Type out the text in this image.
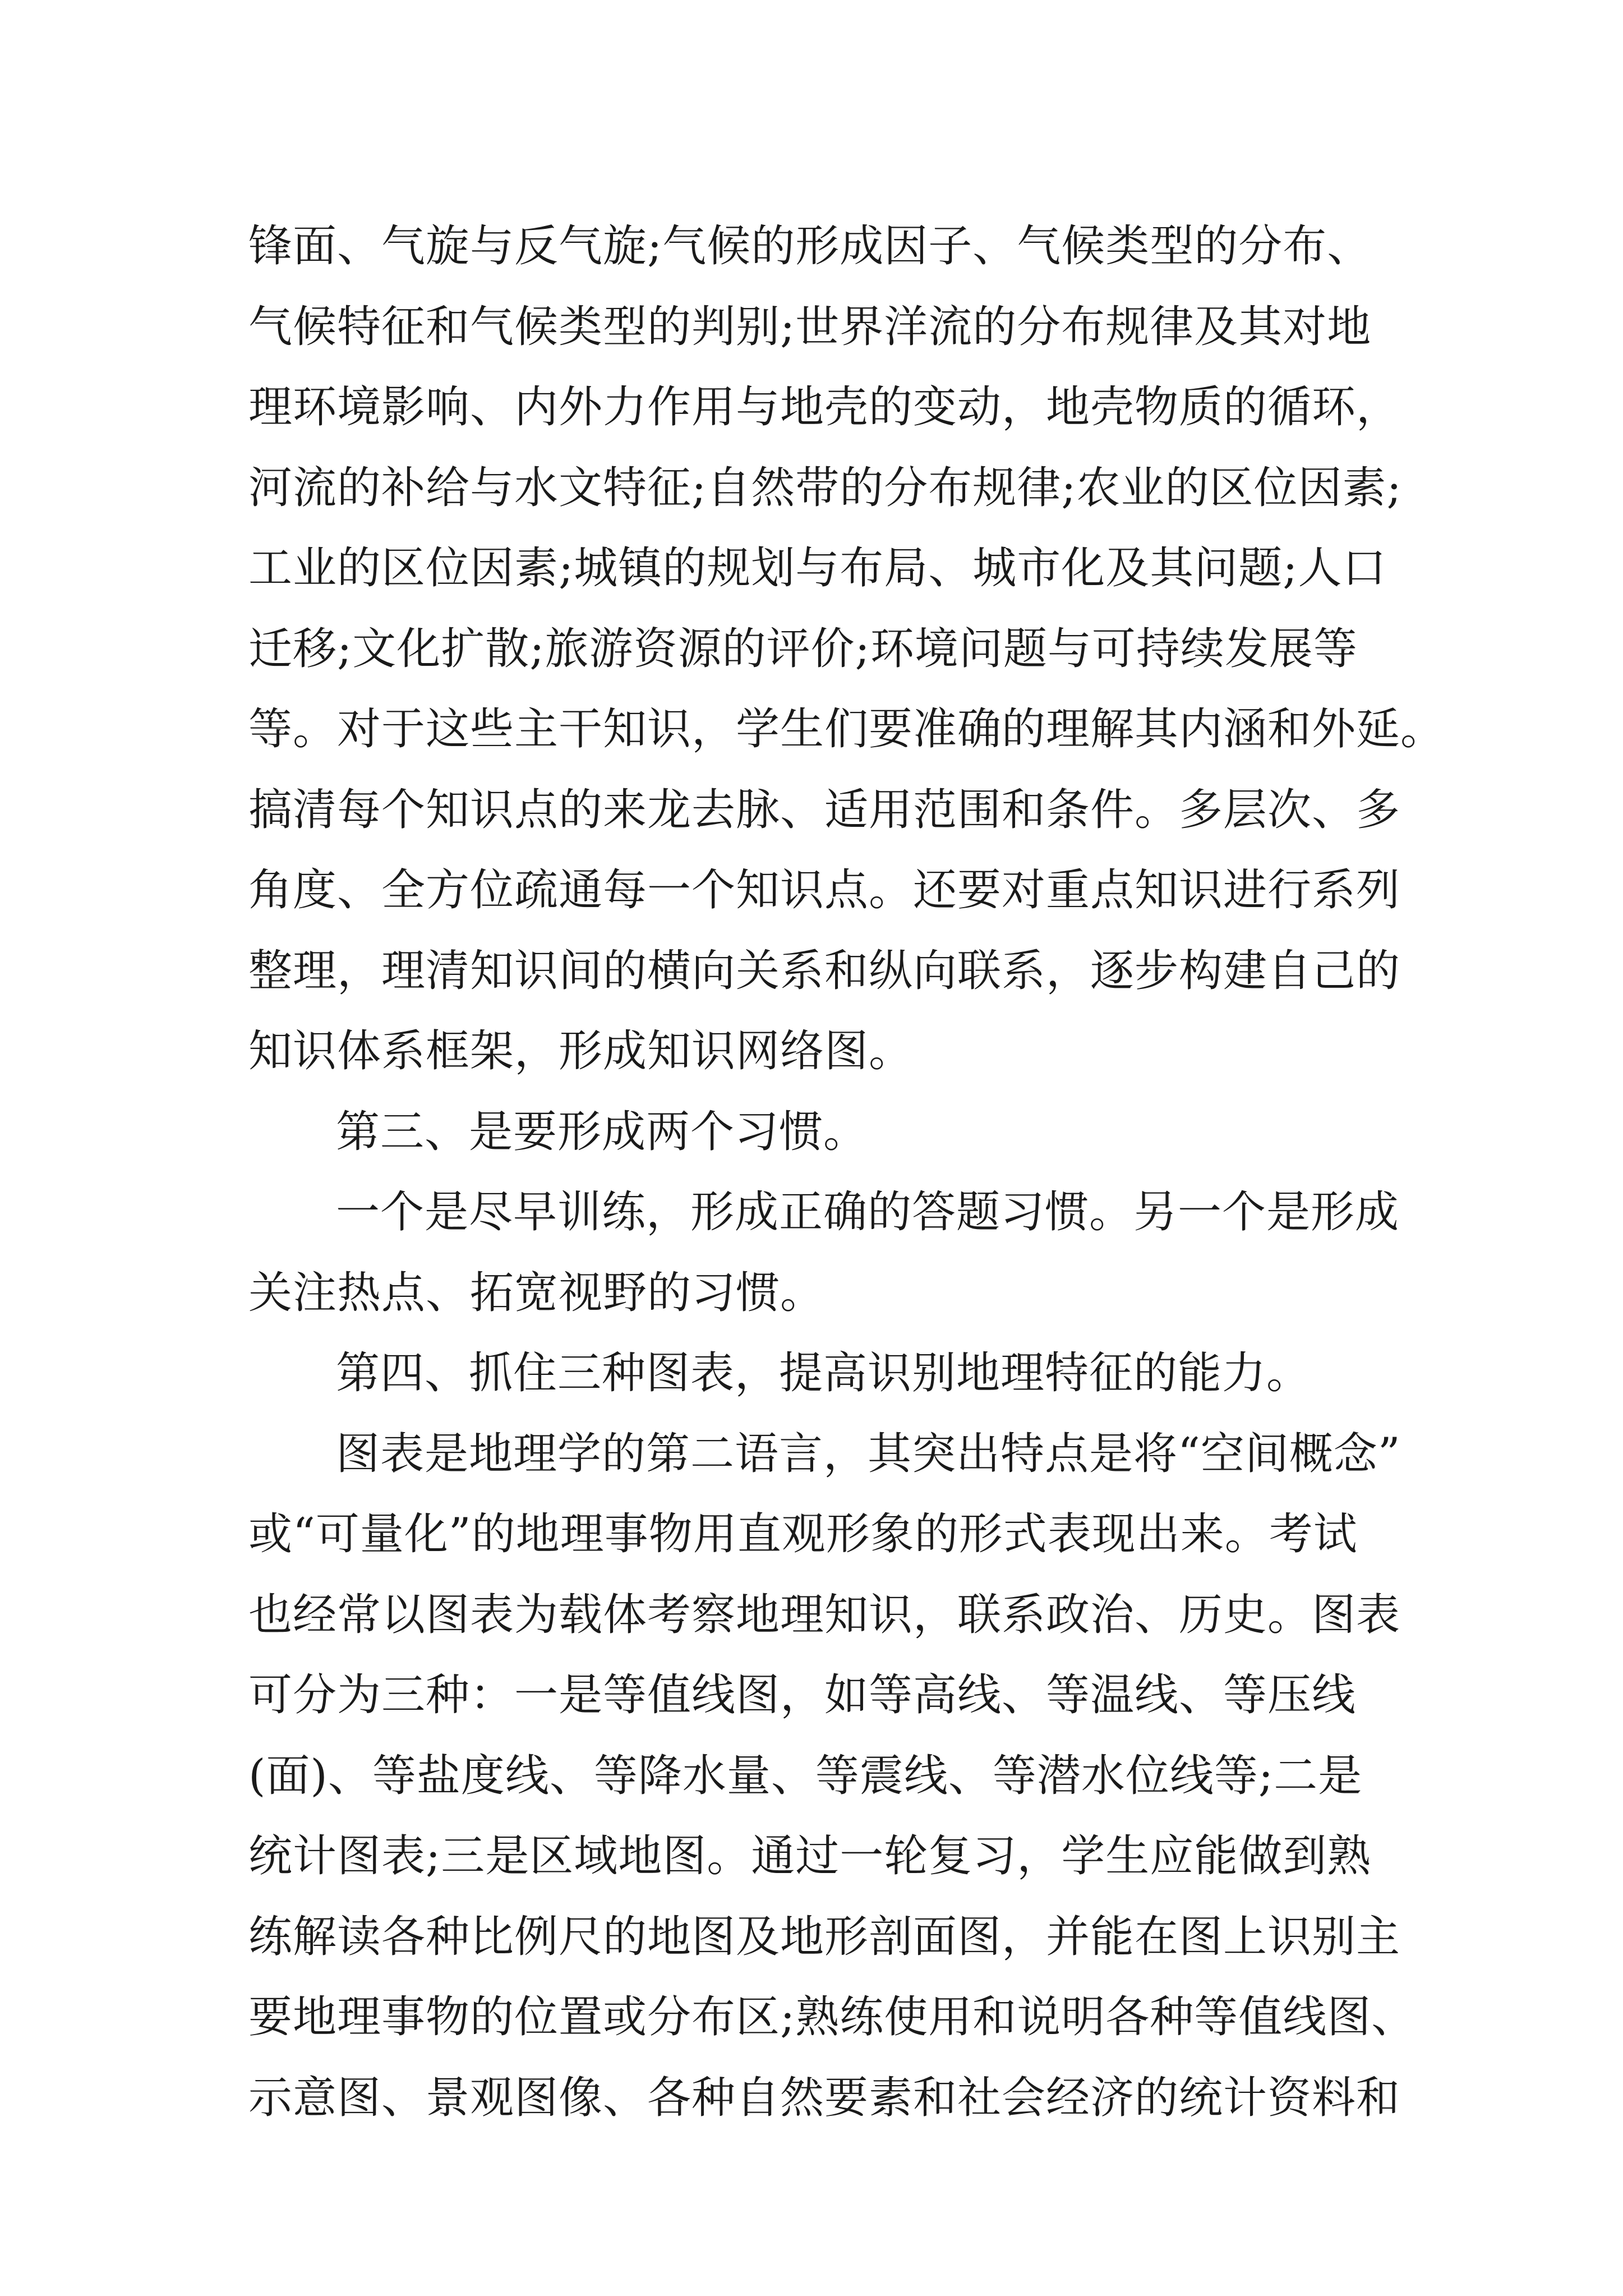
锋面、气旋与反气旋;气候的形成因子、气候类型的分布、
气候特征和气候类型的判别;世界洋流的分布规律及其对地
理环境影响、内外力作用与地壳的变动，地壳物质的循环，
河流的补给与水文特征;自然带的分布规律;农业的区位因素;
工业的区位因素;城镇的规划与布局、城市化及其问题;人口
迁移;文化扩散;旅游资源的评价;环境问题与可持续发展等
等。对于这些主干知识，学生们要准确的理解其内涵和外延。
搞清每个知识点的来龙去脉、适用范围和条件。多层次、多
角度、全方位疏通每一个知识点。还要对重点知识进行系列
整理，理清知识间的横向关系和纵向联系，逐步构建自己的
知识体系框架，形成知识网络图。
第三、是要形成两个习惯。
一个是尽早训练，形成正确的答题习惯。另一个是形成
关注热点、拓宽视野的习惯。
第四、抓住三种图表，提高识别地理特征的能力。
图表是地理学的第二语言，其突出特点是将“空间概念”
或“可量化”的地理事物用直观形象的形式表现出来。考试
也经常以图表为载体考察地理知识，联系政治、历史。图表
可分为三种：一是等值线图，如等高线、等温线、等压线
(面)、等盐度线、等降水量、等震线、等潜水位线等;二是
统计图表;三是区域地图。通过一轮复习，学生应能做到熟
练解读各种比例尺的地图及地形剖面图，并能在图上识别主
要地理事物的位置或分布区;熟练使用和说明各种等值线图、
示意图、景观图像、各种自然要素和社会经济的统计资料和
